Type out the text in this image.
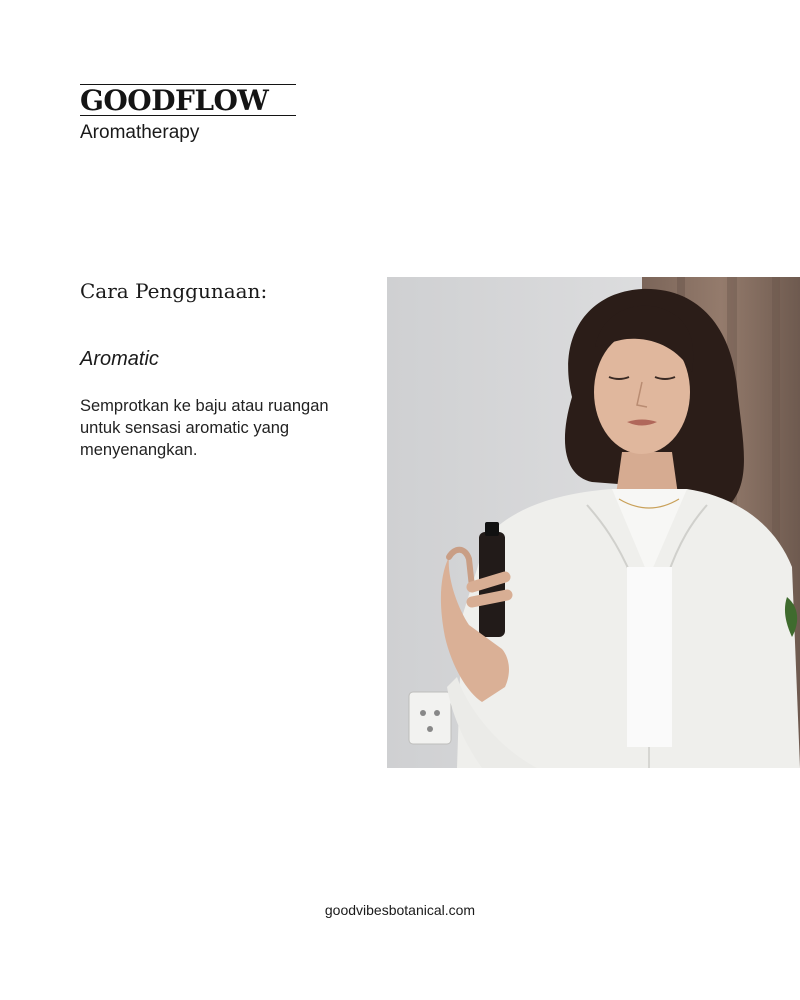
GOODFLOW
Aromatherapy
Cara Penggunaan:
Aromatic
Semprotkan ke baju atau ruangan untuk sensasi aromatic yang menyenangkan.
goodvibesbotanical.com
